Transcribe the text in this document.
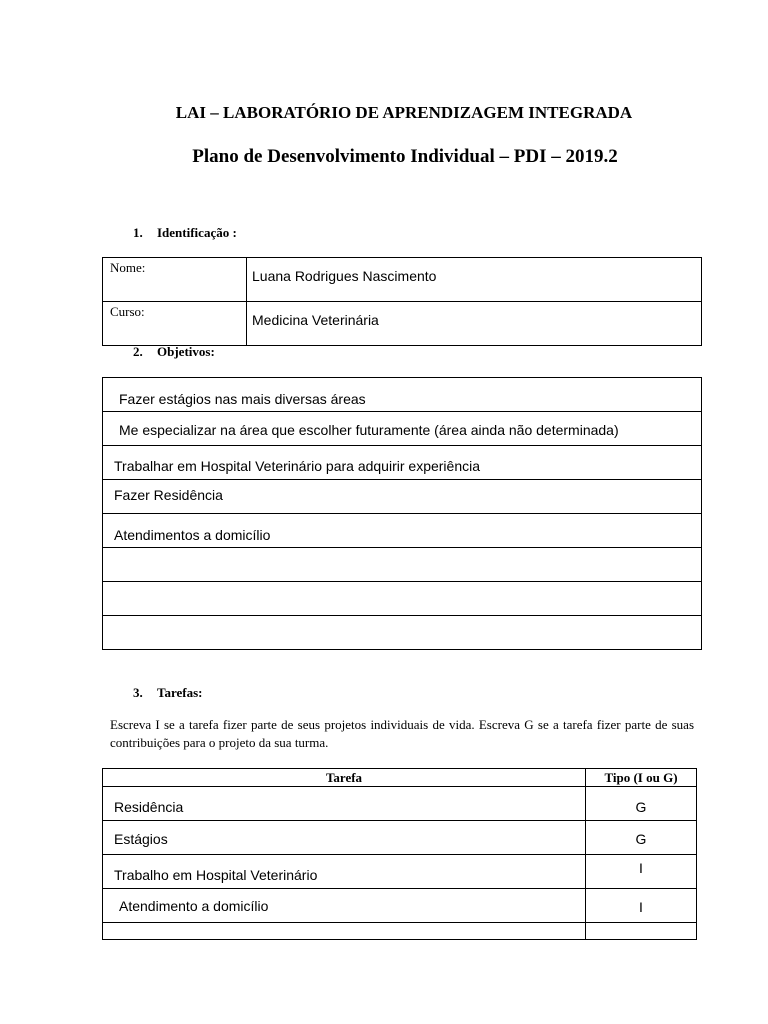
LAI – LABORATÓRIO DE APRENDIZAGEM INTEGRADA
Plano de Desenvolvimento Individual – PDI – 2019.2
1. Identificação :
Nome:	Luana Rodrigues Nascimento
Curso:	Medicina Veterinária
2. Objetivos:
Fazer estágios nas mais diversas áreas

Me especializar na área que escolher futuramente (área ainda não determinada)

Trabalhar em Hospital Veterinário para adquirir experiência

Fazer Residência

Atendimentos a domicílio

3. Tarefas:
Escreva I se a tarefa fizer parte de seus projetos individuais de vida. Escreva G se a tarefa fizer parte de suas contribuições para o projeto da sua turma.
Tarefa	Tipo (I ou G)

Residência	G

Estágios	G

Trabalho em Hospital Veterinário	I

Atendimento a domicílio	I
